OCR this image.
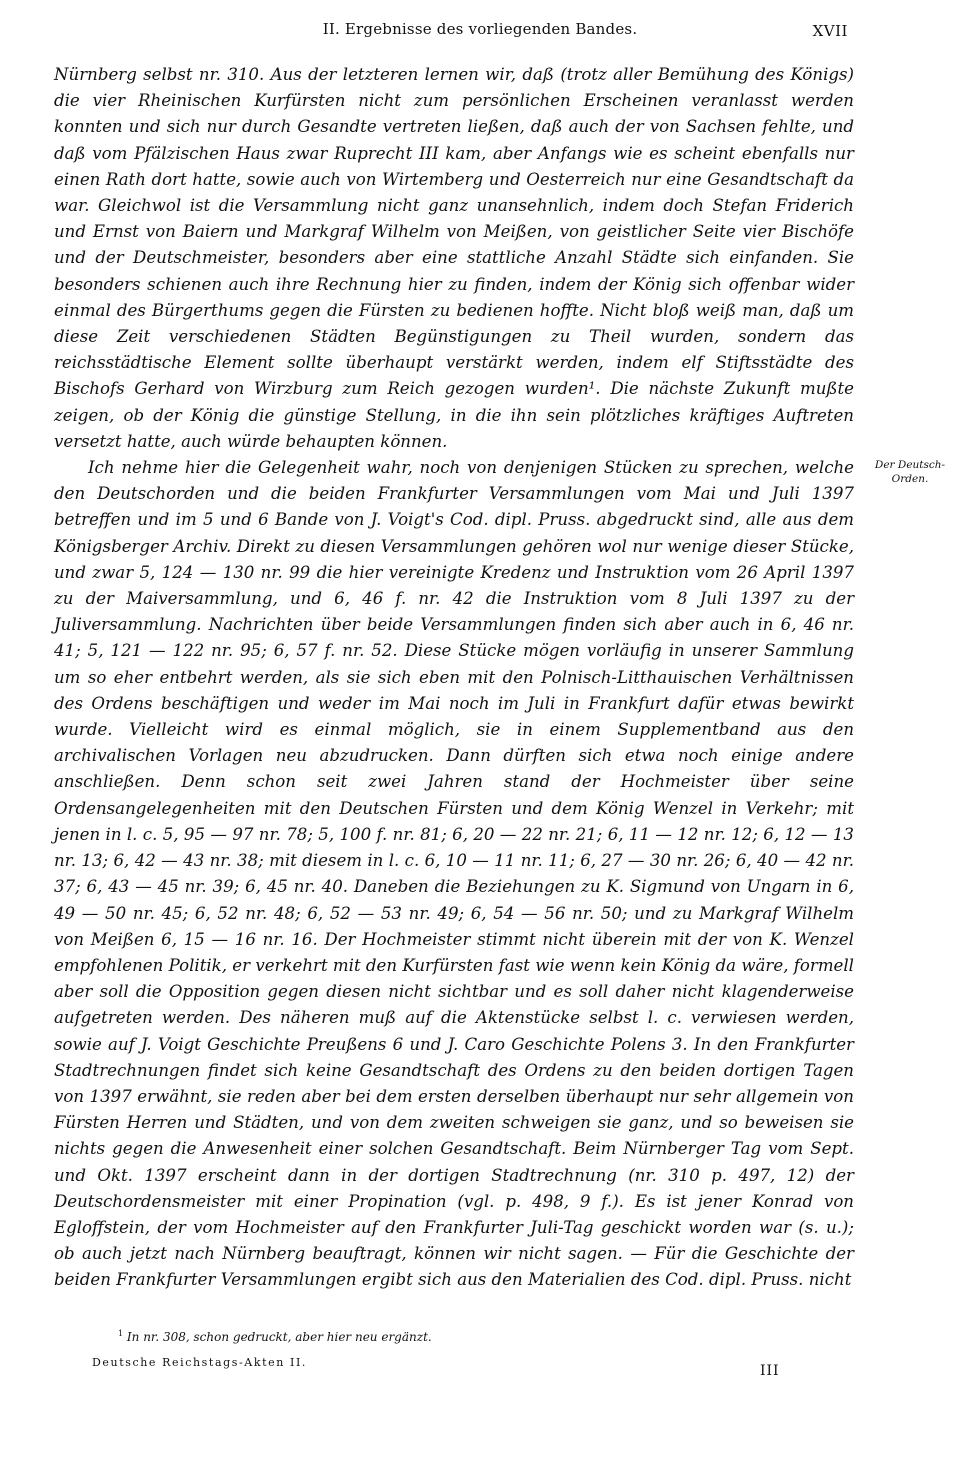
II. Ergebnisse des vorliegenden Bandes.	XVII

Nürnberg selbst nr. 310. Aus der letzteren lernen wir, daß (trotz aller Bemühung des Königs) die vier Rheinischen Kurfürsten nicht zum persönlichen Erscheinen veranlasst werden konnten und sich nur durch Gesandte vertreten ließen, daß auch der von Sachsen fehlte, und daß vom Pfälzischen Haus zwar Ruprecht III kam, aber Anfangs wie es scheint ebenfalls nur einen Rath dort hatte, sowie auch von Wirtemberg und Oesterreich nur eine Gesandtschaft da war. Gleichwol ist die Versammlung nicht ganz unansehnlich, indem doch Stefan Friderich und Ernst von Baiern und Markgraf Wilhelm von Meißen, von geistlicher Seite vier Bischöfe und der Deutschmeister, besonders aber eine stattliche Anzahl Städte sich einfanden. Sie besonders schienen auch ihre Rechnung hier zu finden, indem der König sich offenbar wider einmal des Bürgerthums gegen die Fürsten zu bedienen hoffte. Nicht bloß weiß man, daß um diese Zeit verschiedenen Städten Begünstigungen zu Theil wurden, sondern das reichsstädtische Element sollte überhaupt verstärkt werden, indem elf Stiftsstädte des Bischofs Gerhard von Wirzburg zum Reich gezogen wurden¹. Die nächste Zukunft mußte zeigen, ob der König die günstige Stellung, in die ihn sein plötzliches kräftiges Auftreten versetzt hatte, auch würde behaupten können.

Ich nehme hier die Gelegenheit wahr, noch von denjenigen Stücken zu sprechen, welche den Deutschorden und die beiden Frankfurter Versammlungen vom Mai und Juli 1397 betreffen und im 5 und 6 Bande von J. Voigt's Cod. dipl. Pruss. abgedruckt sind, alle aus dem Königsberger Archiv. Direkt zu diesen Versammlungen gehören wol nur wenige dieser Stücke, und zwar 5, 124 — 130 nr. 99 die hier vereinigte Kredenz und Instruktion vom 26 April 1397 zu der Maiversammlung, und 6, 46 f. nr. 42 die Instruktion vom 8 Juli 1397 zu der Juliversammlung. Nachrichten über beide Versammlungen finden sich aber auch in 6, 46 nr. 41; 5, 121 — 122 nr. 95; 6, 57 f. nr. 52. Diese Stücke mögen vorläufig in unserer Sammlung um so eher entbehrt werden, als sie sich eben mit den Polnisch-Litthauischen Verhältnissen des Ordens beschäftigen und weder im Mai noch im Juli in Frankfurt dafür etwas bewirkt wurde. Vielleicht wird es einmal möglich, sie in einem Supplementband aus den archivalischen Vorlagen neu abzudrucken. Dann dürften sich etwa noch einige andere anschließen. Denn schon seit zwei Jahren stand der Hochmeister über seine Ordensangelegenheiten mit den Deutschen Fürsten und dem König Wenzel in Verkehr; mit jenen in l. c. 5, 95 — 97 nr. 78; 5, 100 f. nr. 81; 6, 20 — 22 nr. 21; 6, 11 — 12 nr. 12; 6, 12 — 13 nr. 13; 6, 42 — 43 nr. 38; mit diesem in l. c. 6, 10 — 11 nr. 11; 6, 27 — 30 nr. 26; 6, 40 — 42 nr. 37; 6, 43 — 45 nr. 39; 6, 45 nr. 40. Daneben die Beziehungen zu K. Sigmund von Ungarn in 6, 49 — 50 nr. 45; 6, 52 nr. 48; 6, 52 — 53 nr. 49; 6, 54 — 56 nr. 50; und zu Markgraf Wilhelm von Meißen 6, 15 — 16 nr. 16. Der Hochmeister stimmt nicht überein mit der von K. Wenzel empfohlenen Politik, er verkehrt mit den Kurfürsten fast wie wenn kein König da wäre, formell aber soll die Opposition gegen diesen nicht sichtbar und es soll daher nicht klagenderweise aufgetreten werden. Des näheren muß auf die Aktenstücke selbst l. c. verwiesen werden, sowie auf J. Voigt Geschichte Preußens 6 und J. Caro Geschichte Polens 3. In den Frankfurter Stadtrechnungen findet sich keine Gesandtschaft des Ordens zu den beiden dortigen Tagen von 1397 erwähnt, sie reden aber bei dem ersten derselben überhaupt nur sehr allgemein von Fürsten Herren und Städten, und von dem zweiten schweigen sie ganz, und so beweisen sie nichts gegen die Anwesenheit einer solchen Gesandtschaft. Beim Nürnberger Tag vom Sept. und Okt. 1397 erscheint dann in der dortigen Stadtrechnung (nr. 310 p. 497, 12) der Deutschordensmeister mit einer Propination (vgl. p. 498, 9 f.). Es ist jener Konrad von Egloffstein, der vom Hochmeister auf den Frankfurter Juli-Tag geschickt worden war (s. u.); ob auch jetzt nach Nürnberg beauftragt, können wir nicht sagen. — Für die Geschichte der beiden Frankfurter Versammlungen ergibt sich aus den Materialien des Cod. dipl. Pruss. nicht

Der Deutsch-Orden.
$^1$ In nr. 308, schon gedruckt, aber hier neu ergänzt.
Deutsche Reichstags-Akten II.
III
